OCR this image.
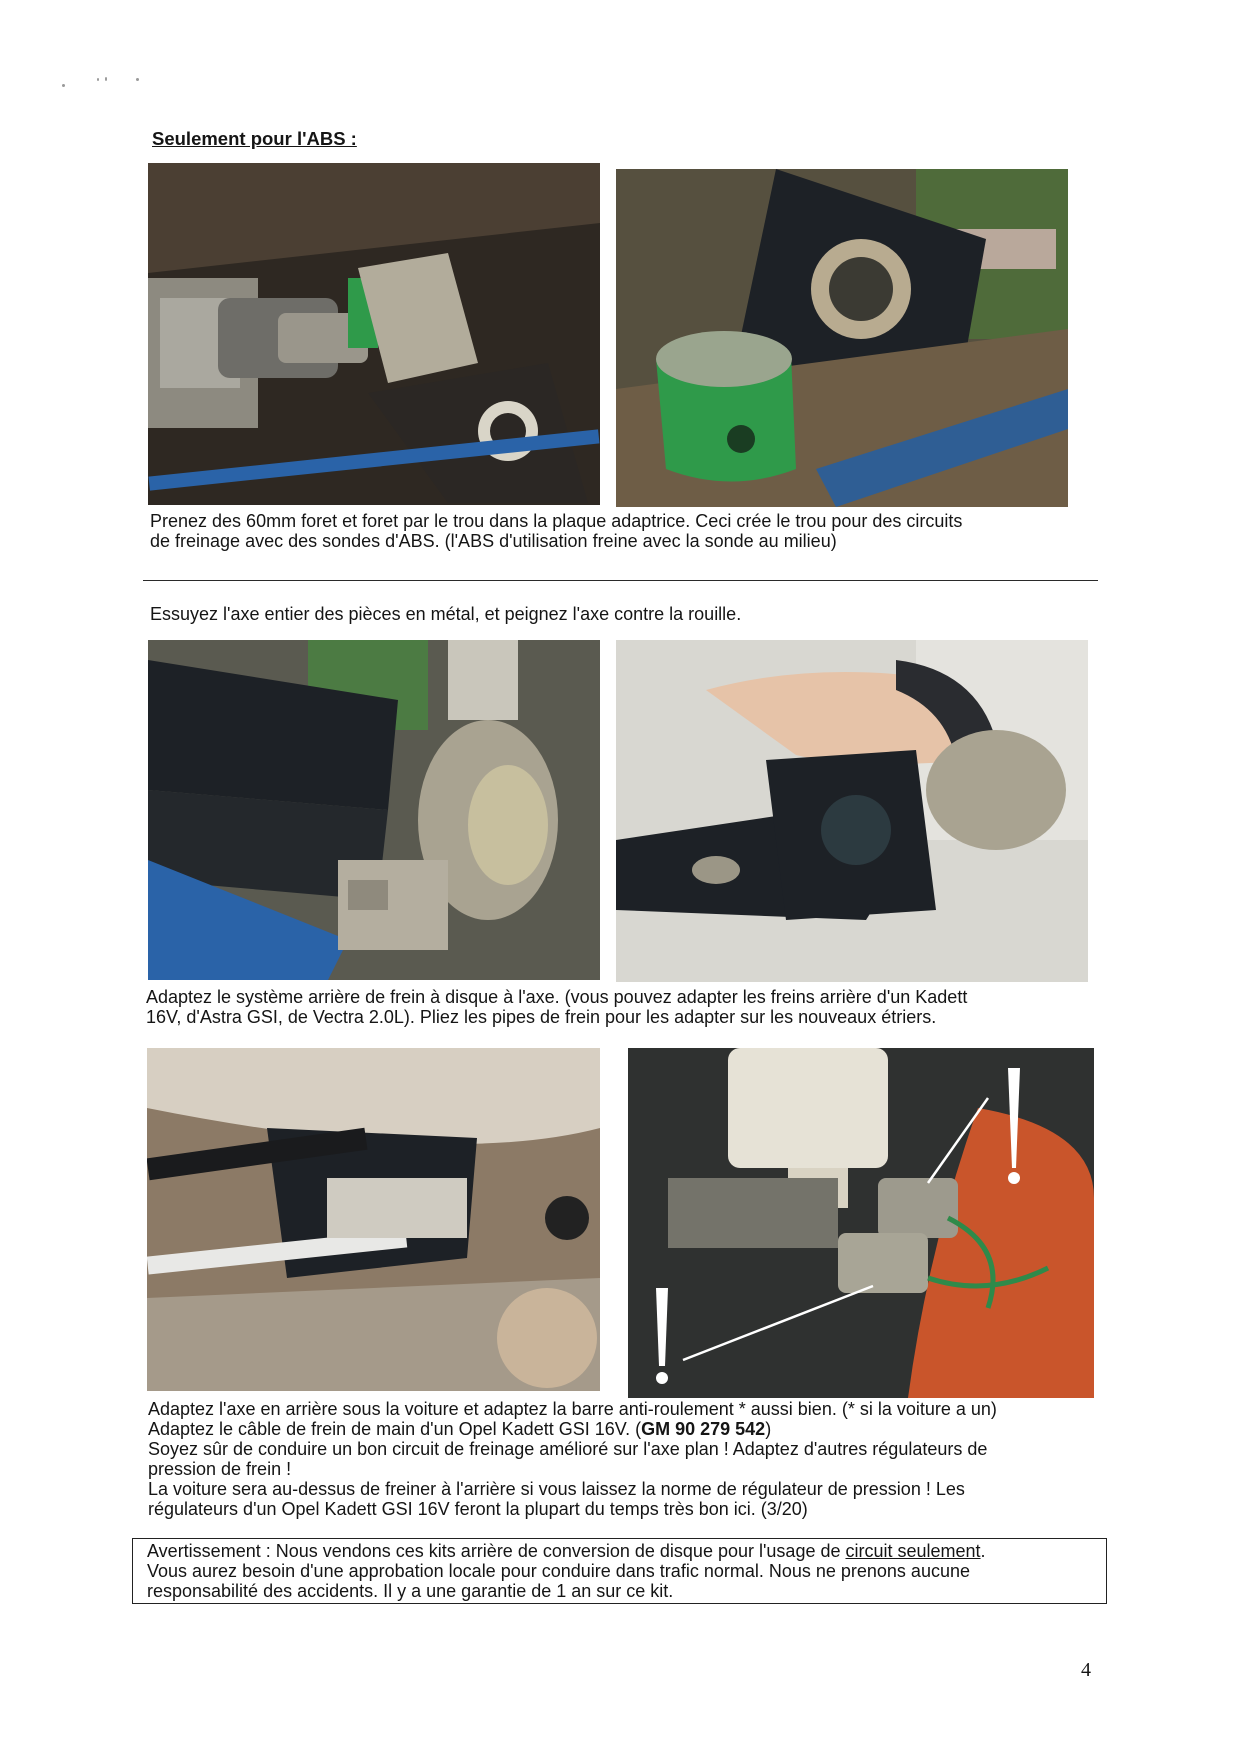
Seulement pour l'ABS :
Prenez des 60mm foret et foret par le trou dans la plaque adaptrice. Ceci crée le trou pour des circuits
de freinage avec des sondes d'ABS. (l'ABS d'utilisation freine avec la sonde au milieu)
Essuyez l'axe entier des pièces en métal, et peignez l'axe contre la rouille.
Adaptez le système arrière de frein à disque à l'axe. (vous pouvez adapter les freins arrière d'un Kadett
16V, d'Astra GSI, de Vectra 2.0L). Pliez les pipes de frein pour les adapter sur les nouveaux étriers.
Adaptez l'axe en arrière sous la voiture et adaptez la barre anti-roulement * aussi bien. (* si la voiture a un)
Adaptez le câble de frein de main d'un Opel Kadett GSI 16V. (GM 90 279 542)
Soyez sûr de conduire un bon circuit de freinage amélioré sur l'axe plan ! Adaptez d'autres régulateurs de
pression de frein !
La voiture sera au-dessus de freiner à l'arrière si vous laissez la norme de régulateur de pression ! Les
régulateurs d'un Opel Kadett GSI 16V feront la plupart du temps très bon ici. (3/20)
Avertissement : Nous vendons ces kits arrière de conversion de disque pour l'usage de circuit seulement.
Vous aurez besoin d'une approbation locale pour conduire dans trafic normal. Nous ne prenons aucune
responsabilité des accidents. Il y a une garantie de 1 an sur ce kit.
4
